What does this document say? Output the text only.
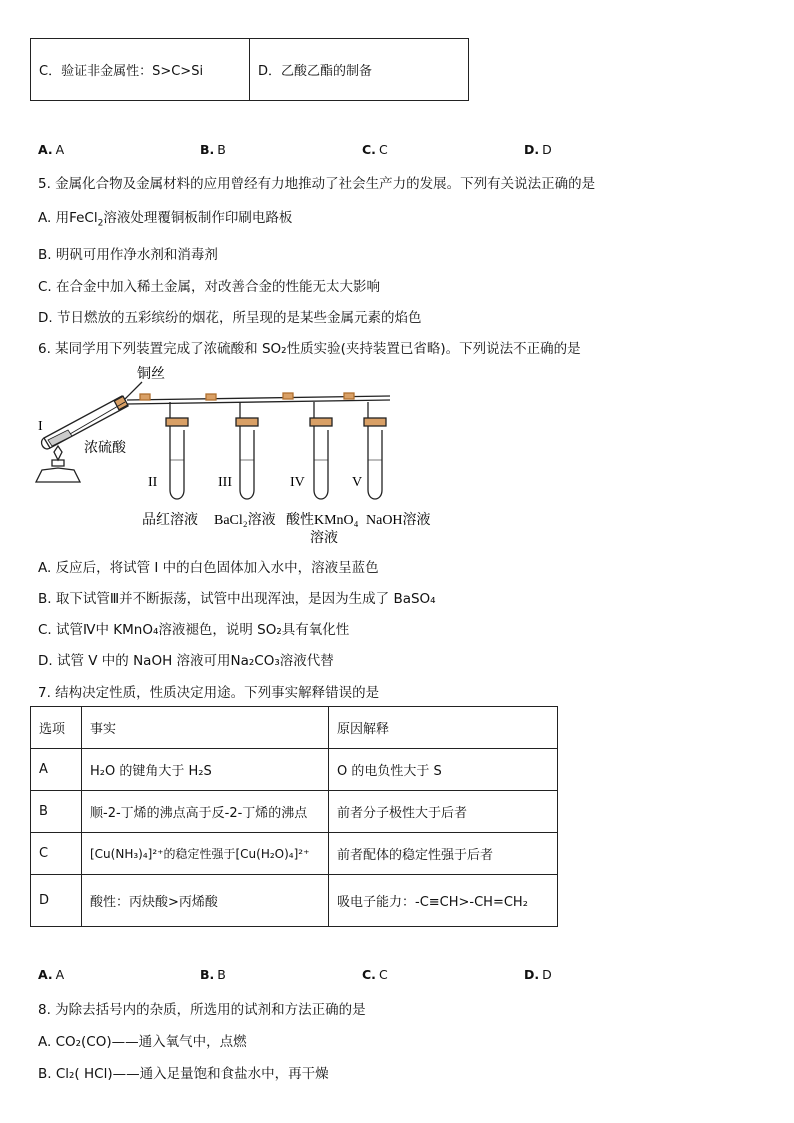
C．验证非金属性：S>C>Si	D．乙酸乙酯的制备
A. A	B. B	C. C	D. D
5. 金属化合物及金属材料的应用曾经有力地推动了社会生产力的发展。下列有关说法正确的是
A. 用FeCl$_2$溶液处理覆铜板制作印刷电路板
B. 明矾可用作净水剂和消毒剂
C. 在合金中加入稀土金属，对改善合金的性能无太大影响
D. 节日燃放的五彩缤纷的烟花，所呈现的是某些金属元素的焰色
6. 某同学用下列装置完成了浓硫酸和 SO₂性质实验(夹持装置已省略)。下列说法不正确的是
铜丝
I
浓硫酸
II	III	IV	V
品红溶液 BaCl₂溶液 酸性KMnO₄
溶液
NaOH溶液
A. 反应后，将试管 I 中的白色固体加入水中，溶液呈蓝色
B. 取下试管Ⅲ并不断振荡，试管中出现浑浊，是因为生成了 BaSO₄
C. 试管Ⅳ中 KMnO₄溶液褪色，说明 SO₂具有氧化性
D. 试管 V 中的 NaOH 溶液可用Na₂CO₃溶液代替
7. 结构决定性质，性质决定用途。下列事实解释错误的是
选项	事实	原因解释
A	H₂O 的键角大于 H₂S	O 的电负性大于 S
B	顺-2-丁烯的沸点高于反-2-丁烯的沸点	前者分子极性大于后者
C	[Cu(NH₃)₄]²⁺的稳定性强于[Cu(H₂O)₄]²⁺	前者配体的稳定性强于后者
D	酸性：丙炔酸>丙烯酸	吸电子能力：-C≡CH>-CH=CH₂
A. A	B. B	C. C	D. D
8. 为除去括号内的杂质，所选用的试剂和方法正确的是
A. CO₂(CO)——通入氧气中，点燃
B. Cl₂( HCl)——通入足量饱和食盐水中，再干燥
